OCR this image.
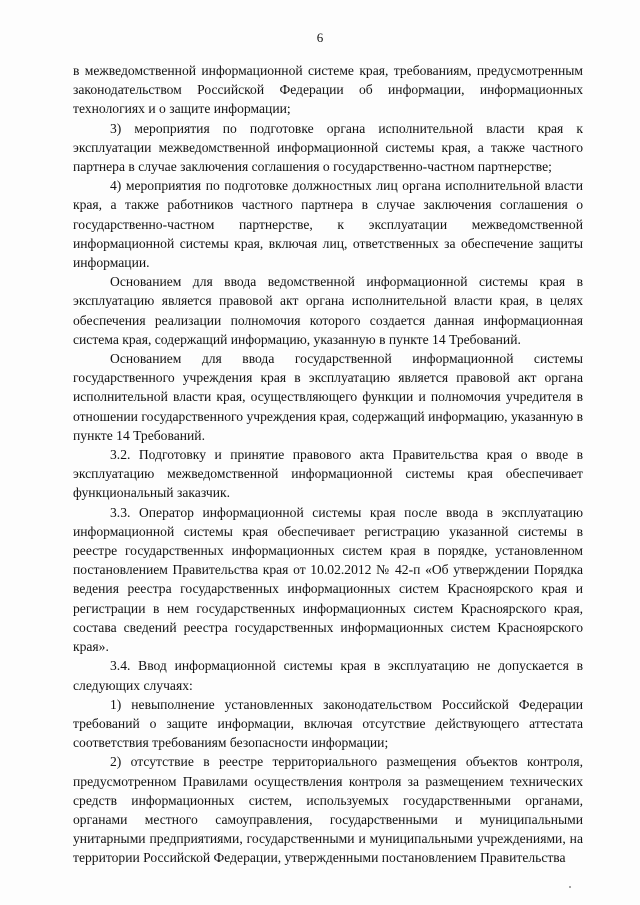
6

в межведомственной информационной системе края, требованиям, предусмотренным законодательством Российской Федерации об информации, информационных технологиях и о защите информации;

3) мероприятия по подготовке органа исполнительной власти края к эксплуатации межведомственной информационной системы края, а также частного партнера в случае заключения соглашения о государственно-частном партнерстве;

4) мероприятия по подготовке должностных лиц органа исполнительной власти края, а также работников частного партнера в случае заключения соглашения о государственно-частном партнерстве, к эксплуатации межведомственной информационной системы края, включая лиц, ответственных за обеспечение защиты информации.

Основанием для ввода ведомственной информационной системы края в эксплуатацию является правовой акт органа исполнительной власти края, в целях обеспечения реализации полномочия которого создается данная информационная система края, содержащий информацию, указанную в пункте 14 Требований.

Основанием для ввода государственной информационной системы государственного учреждения края в эксплуатацию является правовой акт органа исполнительной власти края, осуществляющего функции и полномочия учредителя в отношении государственного учреждения края, содержащий информацию, указанную в пункте 14 Требований.

3.2. Подготовку и принятие правового акта Правительства края о вводе в эксплуатацию межведомственной информационной системы края обеспечивает функциональный заказчик.

3.3. Оператор информационной системы края после ввода в эксплуатацию информационной системы края обеспечивает регистрацию указанной системы в реестре государственных информационных систем края в порядке, установленном постановлением Правительства края от 10.02.2012 № 42-п «Об утверждении Порядка ведения реестра государственных информационных систем Красноярского края и регистрации в нем государственных информационных систем Красноярского края, состава сведений реестра государственных информационных систем Красноярского края».

3.4. Ввод информационной системы края в эксплуатацию не допускается в следующих случаях:

1) невыполнение установленных законодательством Российской Федерации требований о защите информации, включая отсутствие действующего аттестата соответствия требованиям безопасности информации;

2) отсутствие в реестре территориального размещения объектов контроля, предусмотренном Правилами осуществления контроля за размещением технических средств информационных систем, используемых государственными органами, органами местного самоуправления, государственными и муниципальными унитарными предприятиями, государственными и муниципальными учреждениями, на территории Российской Федерации, утвержденными постановлением Правительства
